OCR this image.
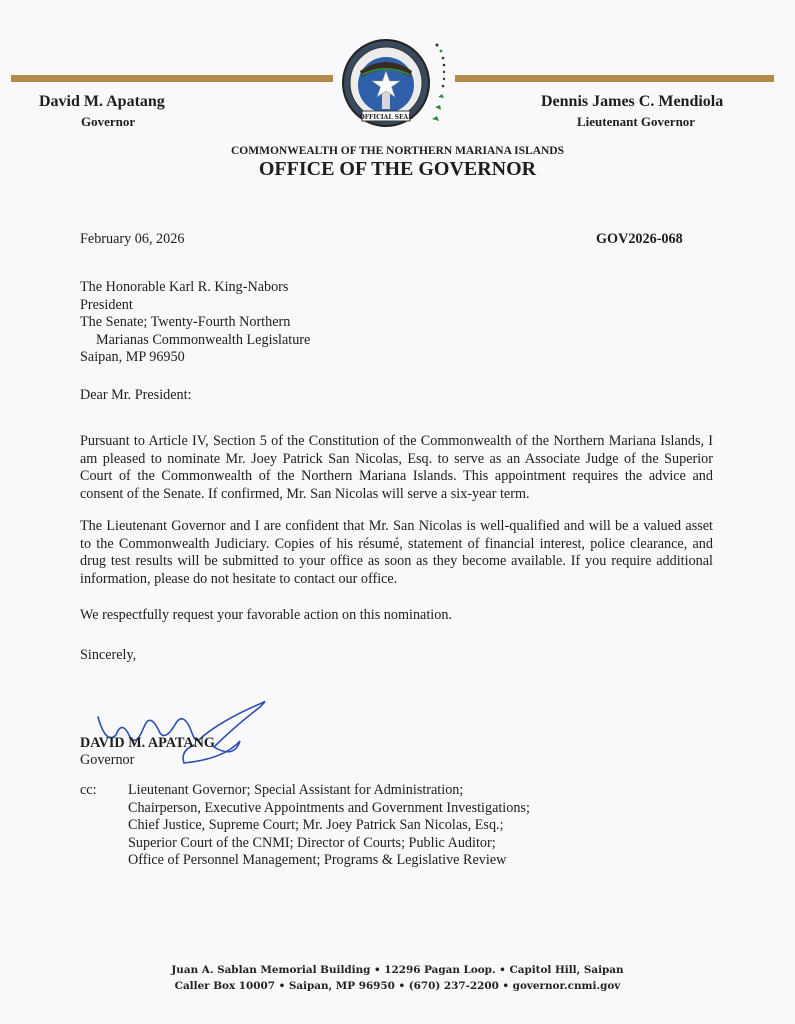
OFFICIAL SEAL
David M. Apatang
Governor
Dennis James C. Mendiola
Lieutenant Governor
COMMONWEALTH OF THE NORTHERN MARIANA ISLANDS
OFFICE OF THE GOVERNOR
February 06, 2026	GOV2026-068
The Honorable Karl R. King-Nabors
President
The Senate; Twenty-Fourth Northern
Marianas Commonwealth Legislature
Saipan, MP 96950
Dear Mr. President:
Pursuant to Article IV, Section 5 of the Constitution of the Commonwealth of the Northern Mariana Islands, I am pleased to nominate Mr. Joey Patrick San Nicolas, Esq. to serve as an Associate Judge of the Superior Court of the Commonwealth of the Northern Mariana Islands. This appointment requires the advice and consent of the Senate. If confirmed, Mr. San Nicolas will serve a six-year term.
The Lieutenant Governor and I are confident that Mr. San Nicolas is well-qualified and will be a valued asset to the Commonwealth Judiciary. Copies of his résumé, statement of financial interest, police clearance, and drug test results will be submitted to your office as soon as they become available. If you require additional information, please do not hesitate to contact our office.
We respectfully request your favorable action on this nomination.
Sincerely,
DAVID M. APATANG
Governor
cc: Lieutenant Governor; Special Assistant for Administration;
Chairperson, Executive Appointments and Government Investigations;
Chief Justice, Supreme Court; Mr. Joey Patrick San Nicolas, Esq.;
Superior Court of the CNMI; Director of Courts; Public Auditor;
Office of Personnel Management; Programs & Legislative Review
Juan A. Sablan Memorial Building • 12296 Pagan Loop. • Capitol Hill, Saipan
Caller Box 10007 • Saipan, MP 96950 • (670) 237-2200 • governor.cnmi.gov
